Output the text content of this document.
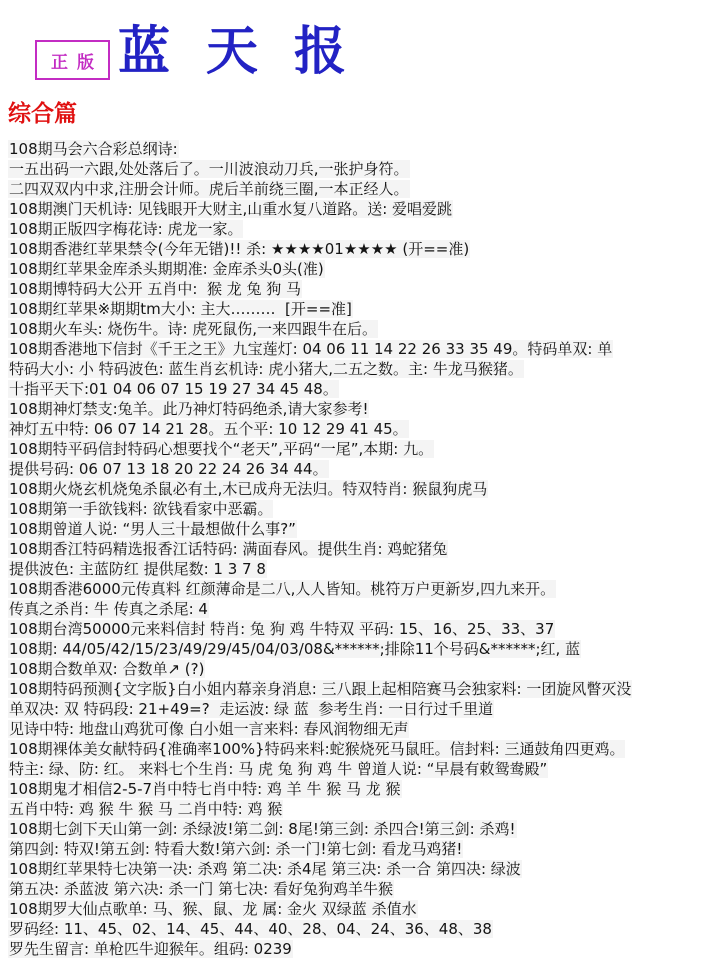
正版 蓝 天 报
综合篇
108期马会六合彩总纲诗:
一五出码一六跟,处处落后了。一川波浪动刀兵,一张护身符。
二四双双内中求,注册会计师。虎后羊前绕三圈,一本正经人。
108期澳门天机诗: 见钱眼开大财主,山重水复八道路。送: 爱唱爱跳
108期正版四字梅花诗: 虎龙一家。
108期香港红苹果禁令(今年无错)!! 杀: ★★★★01★★★★ (开==准)
108期红苹果金库杀头期期准: 金库杀头0头(准)
108期博特码大公开 五肖中:  猴 龙 兔 狗 马
108期红苹果※期期tm大小: 主大………  [开==准]
108期火车头: 烧伤牛。诗: 虎死鼠伤,一来四跟牛在后。
108期香港地下信封《千王之王》九宝莲灯: 04 06 11 14 22 26 33 35 49。特码单双: 单
特码大小: 小 特码波色: 蓝生肖玄机诗: 虎小猪大,二五之数。主: 牛龙马猴猪。
十指平天下:01 04 06 07 15 19 27 34 45 48。
108期神灯禁支:兔羊。此乃神灯特码绝杀,请大家参考!
神灯五中特: 06 07 14 21 28。五个平: 10 12 29 41 45。
108期特平码信封特码心想要找个“老天”,平码“一尾”,本期: 九。
提供号码: 06 07 13 18 20 22 24 26 34 44。
108期火烧玄机烧兔杀鼠必有土,木已成舟无法归。特双特肖: 猴鼠狗虎马
108期第一手欲钱料: 欲钱看家中恶霸。
108期曾道人说: “男人三十最想做什么事?”
108期香江特码精选报香江话特码: 满面春风。提供生肖: 鸡蛇猪兔
提供波色: 主蓝防红 提供尾数: 1 3 7 8
108期香港6000元传真料 红颜薄命是二八,人人皆知。桃符万户更新岁,四九来开。
传真之杀肖: 牛 传真之杀尾: 4
108期台湾50000元来料信封 特肖: 兔 狗 鸡 牛特双 平码: 15、16、25、33、37
108期: 44/05/42/15/23/49/29/45/04/03/08&******;排除11个号码&******;红, 蓝
108期合数单双: 合数单↗ (?)
108期特码预测{文字版}白小姐内幕亲身消息: 三八跟上起相陪赛马会独家料: 一团旋风瞥灭没
单双决: 双 特码段: 21+49=?  走运波: 绿 蓝  参考生肖: 一日行过千里道
见诗中特: 地盘山鸡犹可像 白小姐一言来料: 春风润物细无声
108期裸体美女献特码{准确率100%}特码来料:蛇猴烧死马鼠旺。信封料: 三通鼓角四更鸡。
特主: 绿、防: 红。 来料七个生肖: 马 虎 兔 狗 鸡 牛 曾道人说: “早晨有敕鸳鸯殿”
108期鬼才相信2-5-7肖中特七肖中特: 鸡 羊 牛 猴 马 龙 猴
五肖中特: 鸡 猴 牛 猴 马 二肖中特: 鸡 猴
108期七剑下天山第一剑: 杀绿波!第二剑: 8尾!第三剑: 杀四合!第三剑: 杀鸡!
第四剑: 特双!第五剑: 特看大数!第六剑: 杀一门!第七剑: 看龙马鸡猪!
108期红苹果特七决第一决: 杀鸡 第二决: 杀4尾 第三决: 杀一合 第四决: 绿波
第五决: 杀蓝波 第六决: 杀一门 第七决: 看好兔狗鸡羊牛猴
108期罗大仙点歌单: 马、猴、鼠、龙 属: 金火 双绿蓝 杀值水
罗码经: 11、45、02、14、45、44、40、28、04、24、36、48、38
罗先生留言: 单枪匹牛迎猴年。组码: 0239
